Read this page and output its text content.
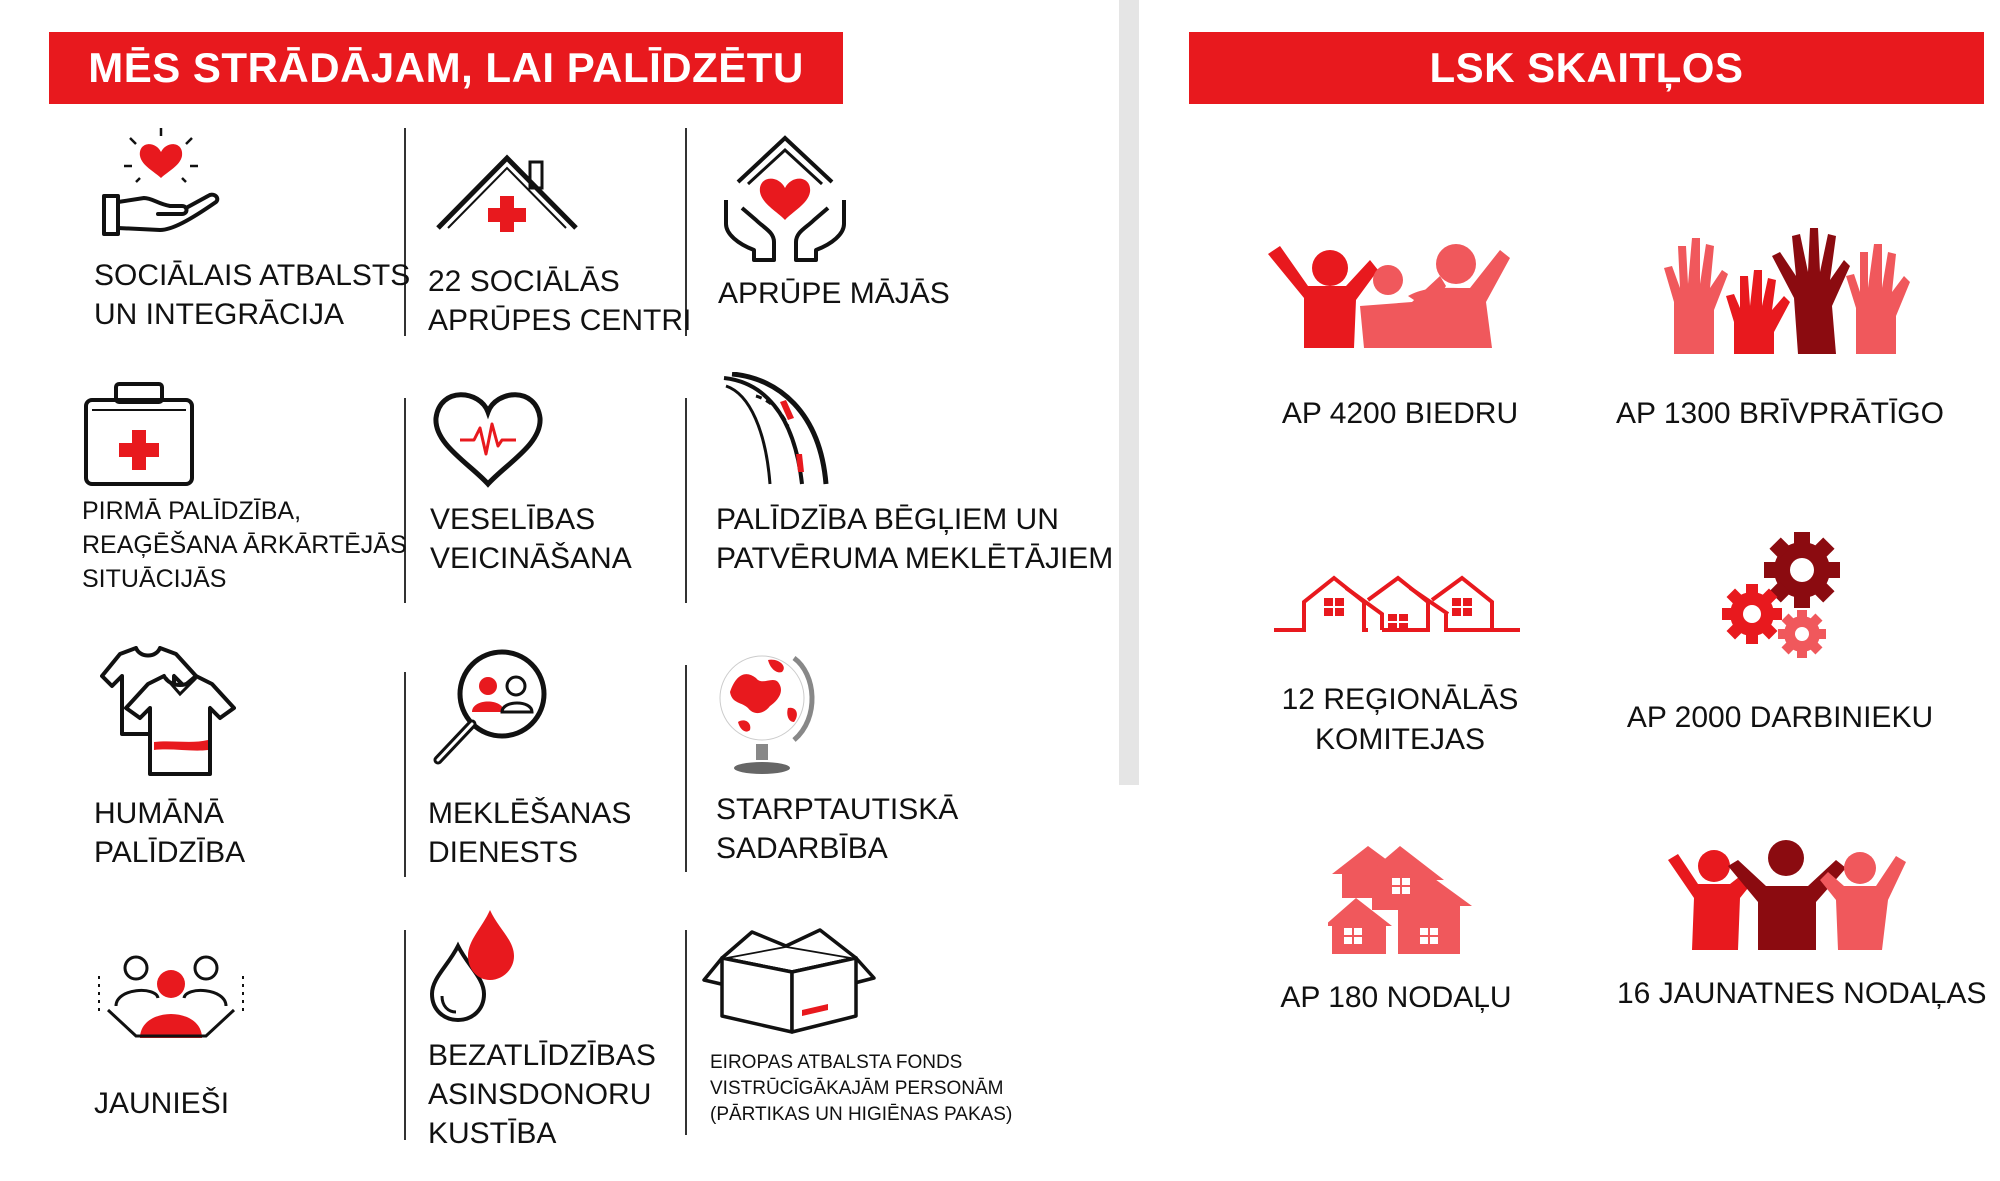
MĒS STRĀDĀJAM, LAI PALĪDZĒTU	LSK SKAITĻOS
SOCIĀLAIS ATBALSTS
UN INTEGRĀCIJA
22 SOCIĀLĀS
APRŪPES CENTRI
APRŪPE MĀJĀS
PIRMĀ PALĪDZĪBA,
REAĢĒŠANA ĀRKĀRTĒJĀS
SITUĀCIJĀS
VESELĪBAS
VEICINĀŠANA
PALĪDZĪBA BĒGĻIEM UN
PATVĒRUMA MEKLĒTĀJIEM
HUMĀNĀ
PALĪDZĪBA
MEKLĒŠANAS
DIENESTS
STARPTAUTISKĀ
SADARBĪBA
JAUNIEŠI
BEZATLĪDZĪBAS
ASINSDONORU
KUSTĪBA
EIROPAS ATBALSTA FONDS
VISTRŪCĪGĀKAJĀM PERSONĀM
(PĀRTIKAS UN HIGIĒNAS PAKAS)
AP 4200 BIEDRU	AP 1300 BRĪVPRĀTĪGO
12 REĢIONĀLĀS
KOMITEJAS
AP 2000 DARBINIEKU
AP 180 NODAĻU	16 JAUNATNES NODAĻAS
